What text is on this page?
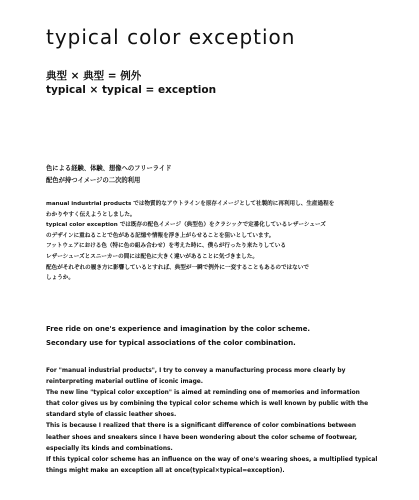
typical color exception

典型 × 典型 = 例外

typical × typical = exception

色による経験、体験、想像へのフリーライド

配色が持つイメージの二次的利用

manual industrial products では物質的なアウトラインを原存イメージとして社製的に再利用し、生産過程を

わかりやすく伝えようとしました。

typical color exception では既存の配色イメージ（典型色）をクラシックで定番化しているレザーシューズ

のデザインに重ねることで色がある記憶や情報を浮き上がらせることを狙いとしています。

フットウェアにおける色（特に色の組み合わせ）を考えた時に、僕らが行ったり来たりしている

レザーシューズとスニーカーの間には配色に大きく違いがあることに気づきました。

配色がそれぞれの履き方に影響しているとすれば、典型が一瞬で例外に一変することもあるのではないで

しょうか。

Free ride on one's experience and imagination by the color scheme.

Secondary use for typical associations of the color combination.

For "manual industrial products", I try to convey a manufacturing process more clearly by

reinterpreting material outline of iconic image.

The new line "typical color exception" is aimed at reminding one of memories and information

that color gives us by combining the typical color scheme which is well known by public with the

standard style of classic leather shoes.

This is because I realized that there is a significant difference of color combinations between

leather shoes and sneakers since I have been wondering about the color scheme of footwear,

especially its kinds and combinations.

If this typical color scheme has an influence on the way of one's wearing shoes, a multiplied typical

things might make an exception all at once(typical×typical=exception).
